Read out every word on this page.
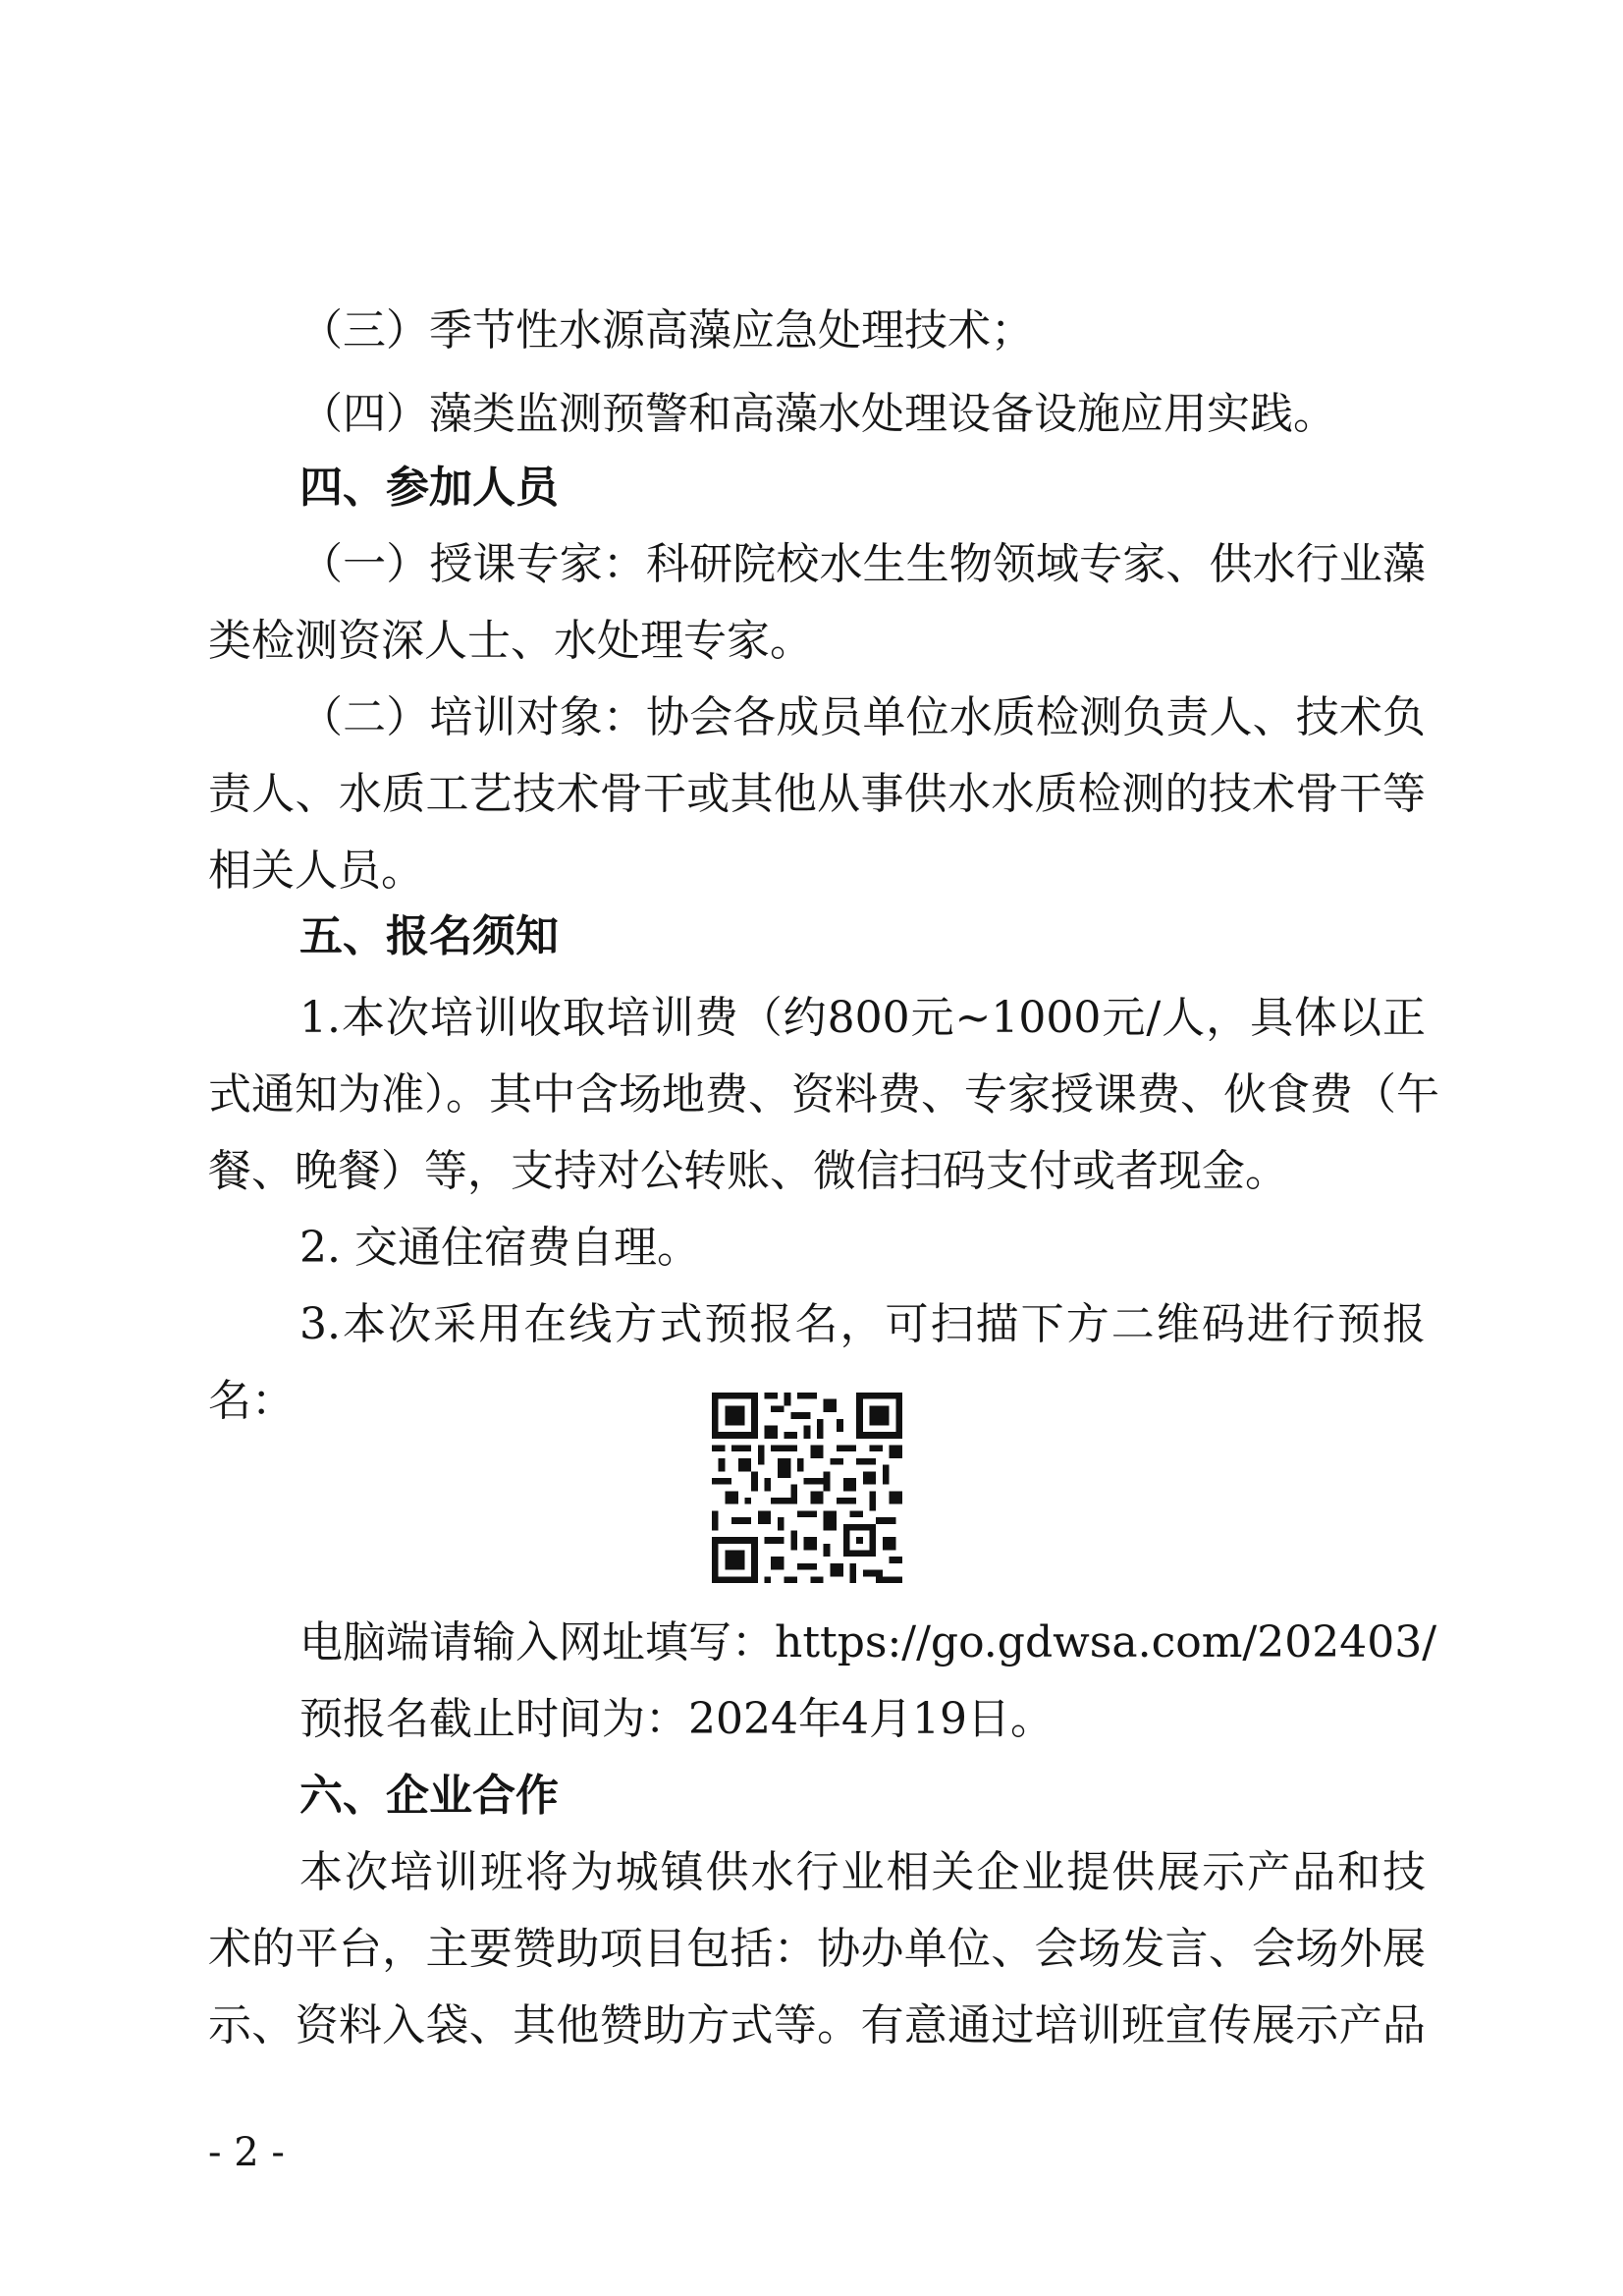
（三）季节性水源高藻应急处理技术；
（四）藻类监测预警和高藻水处理设备设施应用实践。
四、参加人员
（一）授课专家：科研院校水生生物领域专家、供水行业藻
类检测资深人士、水处理专家。
（二）培训对象：协会各成员单位水质检测负责人、技术负
责人、水质工艺技术骨干或其他从事供水水质检测的技术骨干等
相关人员。
五、报名须知
1.本次培训收取培训费（约800元~1000元/人，具体以正
式通知为准）。其中含场地费、资料费、专家授课费、伙食费（午
餐、晚餐）等，支持对公转账、微信扫码支付或者现金。
2. 交通住宿费自理。
3.本次采用在线方式预报名，可扫描下方二维码进行预报
名：
电脑端请输入网址填写：https://go.gdwsa.com/202403/
预报名截止时间为：2024年4月19日。
六、企业合作
本次培训班将为城镇供水行业相关企业提供展示产品和技
术的平台，主要赞助项目包括：协办单位、会场发言、会场外展
示、资料入袋、其他赞助方式等。有意通过培训班宣传展示产品
- 2 -
